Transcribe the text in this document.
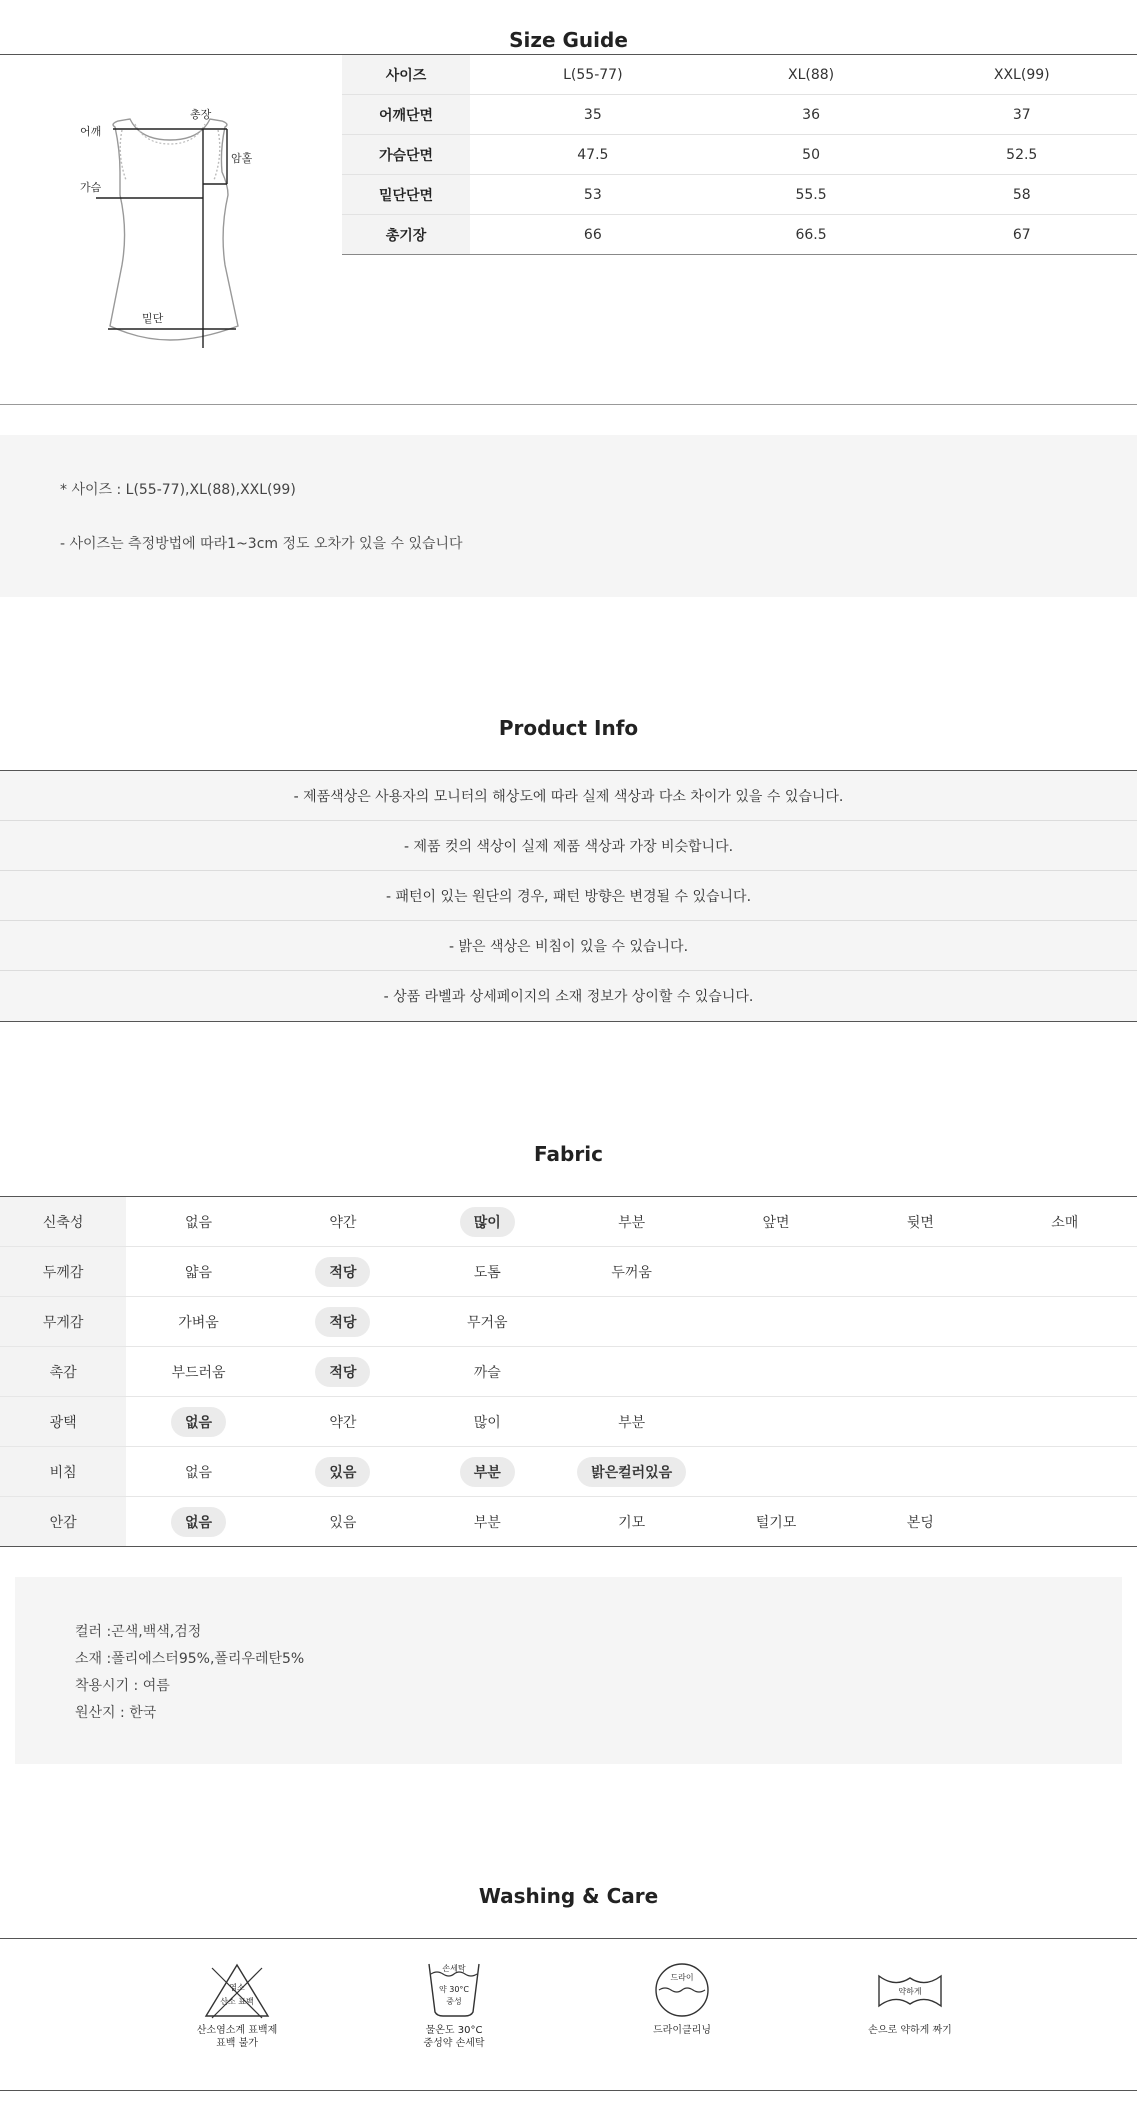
Size Guide
어깨
총장
암홀
가슴
밑단
사이즈	L(55-77)	XL(88)	XXL(99)
어깨단면	35	36	37
가슴단면	47.5	50	52.5
밑단단면	53	55.5	58
총기장	66	66.5	67

* 사이즈 : L(55-77),XL(88),XXL(99)

- 사이즈는 측정방법에 따라1~3cm 정도 오차가 있을 수 있습니다

Product Info
- 제품색상은 사용자의 모니터의 해상도에 따라 실제 색상과 다소 차이가 있을 수 있습니다.
- 제품 컷의 색상이 실제 제품 색상과 가장 비슷합니다.
- 패턴이 있는 원단의 경우, 패턴 방향은 변경될 수 있습니다.
- 밝은 색상은 비침이 있을 수 있습니다.
- 상품 라벨과 상세페이지의 소재 정보가 상이할 수 있습니다.
Fabric
신축성	없음	약간	많이	부분	앞면	뒷면	소매
두께감	얇음	적당	도톰	두꺼움			
무게감	가벼움	적당	무거움				
촉감	부드러움	적당	까슬				
광택	없음	약간	많이	부분			
비침	없음	있음	부분	밝은컬러있음			
안감	없음	있음	부분	기모	털기모	본딩	

컬러 :곤색,백색,검정

소재 :폴리에스터95%,폴리우레탄5%

착용시기 : 여름

원산지 : 한국

Washing & Care
염소
산소 표백
산소염소계 표백제
표백 불가
손세탁
약 30°C
중성
물온도 30°C
중성약 손세탁
드라이
드라이클리닝
약하게
손으로 약하게 짜기
